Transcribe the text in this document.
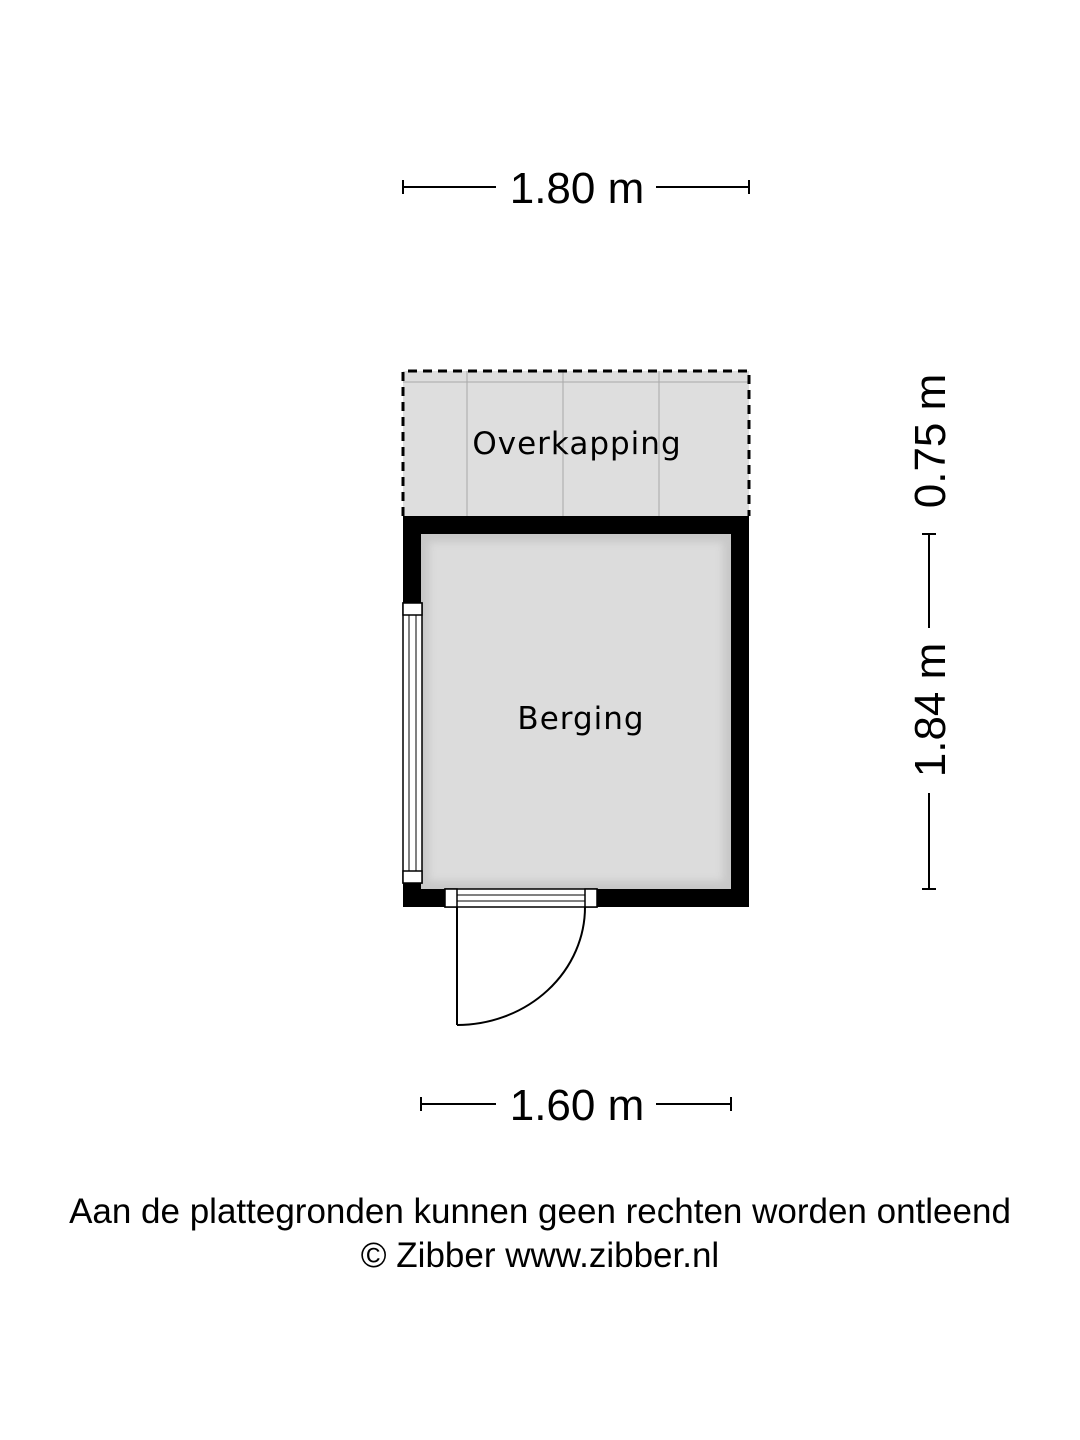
1.80 m
Overkapping
Berging
0.75 m
1.84 m
1.60 m
Aan de plattegronden kunnen geen rechten worden ontleend
© Zibber www.zibber.nl
